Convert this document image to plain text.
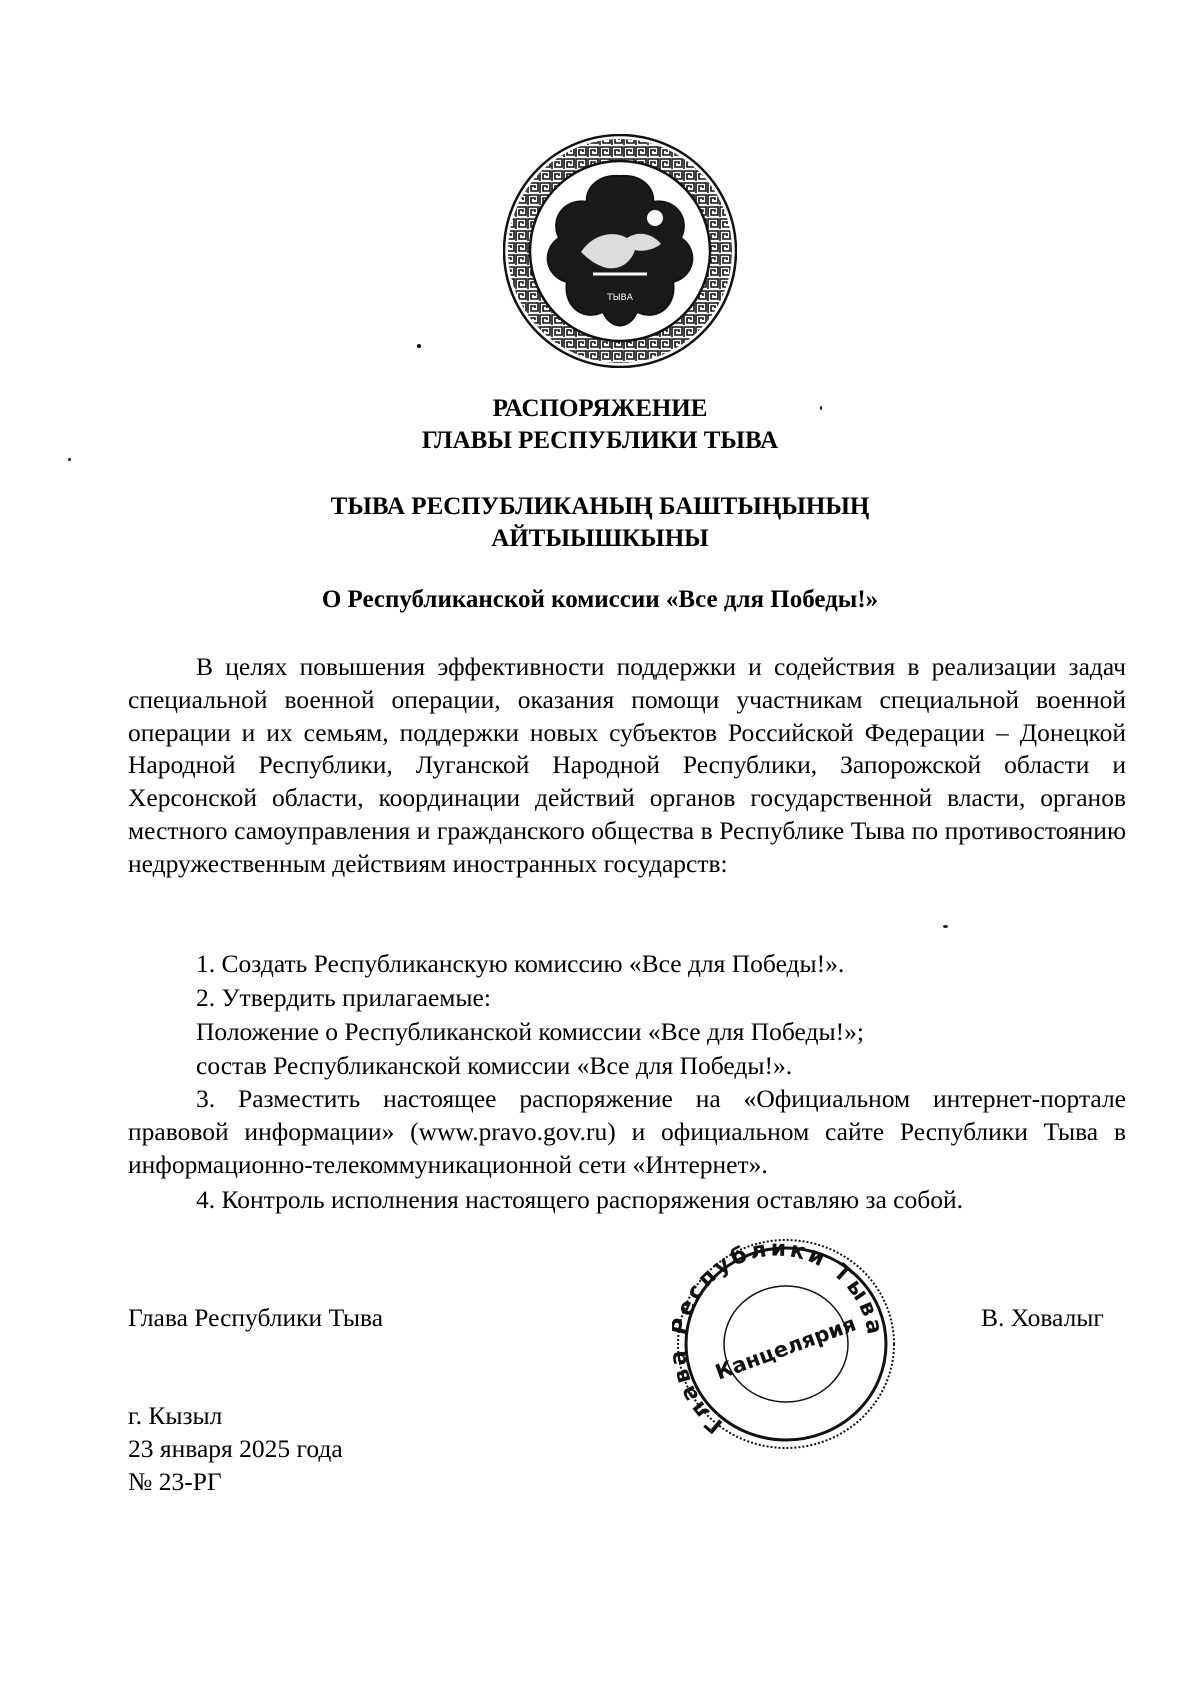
ТЫВА
РАСПОРЯЖЕНИЕ
ГЛАВЫ РЕСПУБЛИКИ ТЫВА
ТЫВА РЕСПУБЛИКАНЫҢ БАШТЫҢЫНЫҢ
АЙТЫЫШКЫНЫ
О Республиканской комиссии «Все для Победы!»

В целях повышения эффективности поддержки и содействия в реализации задач специальной военной операции, оказания помощи участникам специальной военной операции и их семьям, поддержки новых субъектов Российской Федерации – Донецкой Народной Республики, Луганской Народной Республики, Запорожской области и Херсонской области, координации действий органов государственной власти, органов местного самоуправления и гражданского общества в Республике Тыва по противостоянию недружественным действиям иностранных государств:

1. Создать Республиканскую комиссию «Все для Победы!».
2. Утвердить прилагаемые:
Положение о Республиканской комиссии «Все для Победы!»;
состав Республиканской комиссии «Все для Победы!».

3. Разместить настоящее распоряжение на «Официальном интернет-портале правовой информации» (www.pravo.gov.ru) и официальном сайте Республики Тыва в информационно-телекоммуникационной сети «Интернет».

4. Контроль исполнения настоящего распоряжения оставляю за собой.
Глава Республики Тыва	В. Ховалыг
Гла еспублики Тыва
Канцелярия
г. Кызыл
23 января 2025 года
№ 23-РГ
